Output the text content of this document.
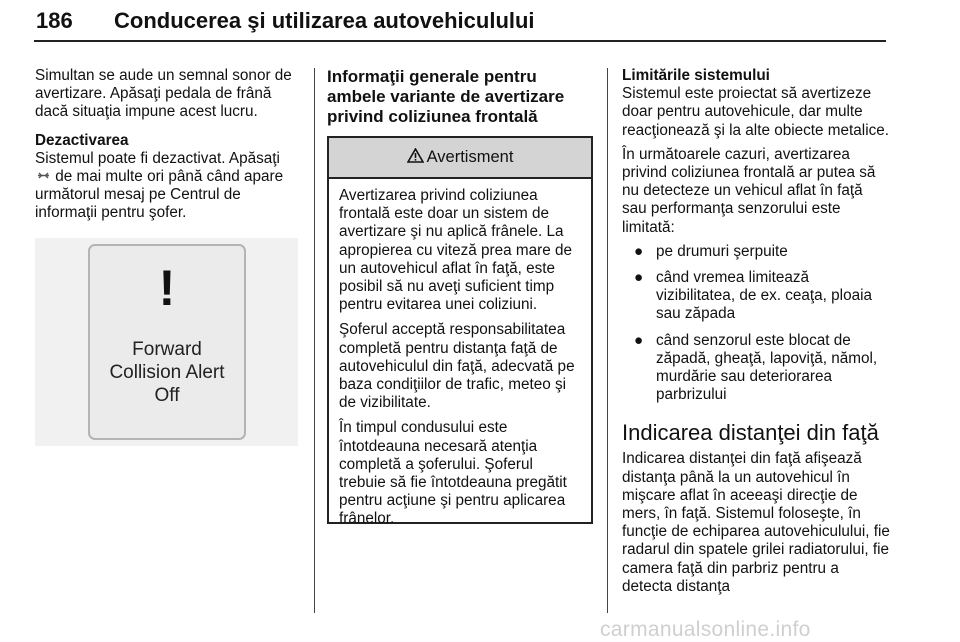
186 Conducerea şi utilizarea autovehiculului

Simultan se aude un semnal sonor de avertizare. Apăsaţi pedala de frână dacă situaţia impune acest lucru.

Dezactivarea

Sistemul poate fi dezactivat. Apăsaţi
de mai multe ori până când apare următorul mesaj pe Centrul de informaţii pentru şofer.

!
Forward
Collision Alert
Off
Informaţii generale pentru ambele variante de avertizare privind coliziunea frontală
Avertisment

Avertizarea privind coliziunea frontală este doar un sistem de avertizare şi nu aplică frânele. La apropierea cu viteză prea mare de un autovehicul aflat în faţă, este posibil să nu aveţi suficient timp pentru evitarea unei coliziuni.

Şoferul acceptă responsabilitatea completă pentru distanţa faţă de autovehiculul din faţă, adecvată pe baza condiţiilor de trafic, meteo şi de vizibilitate.

În timpul condusului este întotdeauna necesară atenţia completă a şoferului. Şoferul trebuie să fie întotdeauna pregătit pentru acţiune şi pentru aplicarea frânelor.

Limitările sistemului

Sistemul este proiectat să avertizeze doar pentru autovehicule, dar multe reacţionează şi la alte obiecte metalice.

În următoarele cazuri, avertizarea privind coliziunea frontală ar putea să nu detecteze un vehicul aflat în faţă sau performanţa senzorului este limitată:

● pe drumuri şerpuite
● când vremea limitează vizibilitatea, de ex. ceaţa, ploaia sau zăpada
● când senzorul este blocat de zăpadă, gheaţă, lapoviţă, nămol, murdărie sau deteriorarea parbrizului
Indicarea distanţei din faţă

Indicarea distanţei din faţă afişează distanţa până la un autovehicul în mişcare aflat în aceeaşi direcţie de mers, în faţă. Sistemul foloseşte, în funcţie de echiparea autovehiculului, fie radarul din spatele grilei radiatorului, fie camera faţă din parbriz pentru a detecta distanţa

carmanualsonline.info
